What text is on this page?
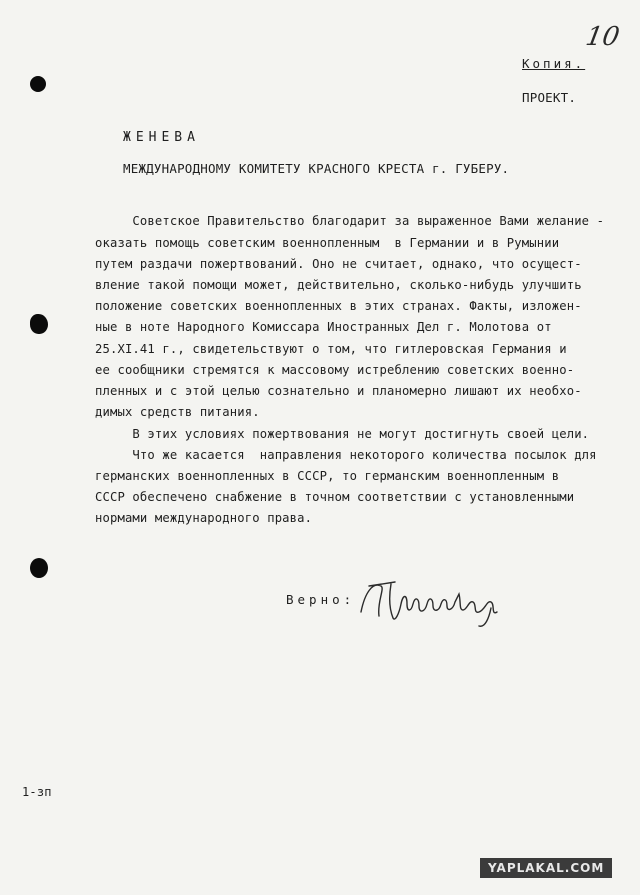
10
Копия.
ПРОЕКТ.
ЖЕНЕВА
МЕЖДУНАРОДНОМУ КОМИТЕТУ КРАСНОГО КРЕСТА г. ГУБЕРУ.
Советское Правительство благодарит за выраженное Вами желание -
оказать помощь советским военнопленным  в Германии и в Румынии
путем раздачи пожертвований. Оно не считает, однако, что осущест-
вление такой помощи может, действительно, сколько-нибудь улучшить
положение советских военнопленных в этих странах. Факты, изложен-
ные в ноте Народного Комиссара Иностранных Дел г. Молотова от
25.XI.41 г., свидетельствуют о том, что гитлеровская Германия и
ее сообщники стремятся к массовому истреблению советских военно-
пленных и с этой целью сознательно и планомерно лишают их необхо-
димых средств питания.
В этих условиях пожертвования не могут достигнуть своей цели.
Что же касается  направления некоторого количества посылок для
германских военнопленных в СССР, то германским военнопленным в
СССР обеспечено снабжение в точном соответствии с установленными
нормами международного права.
Верно:
1-зп
YAPLAKAL.COM
